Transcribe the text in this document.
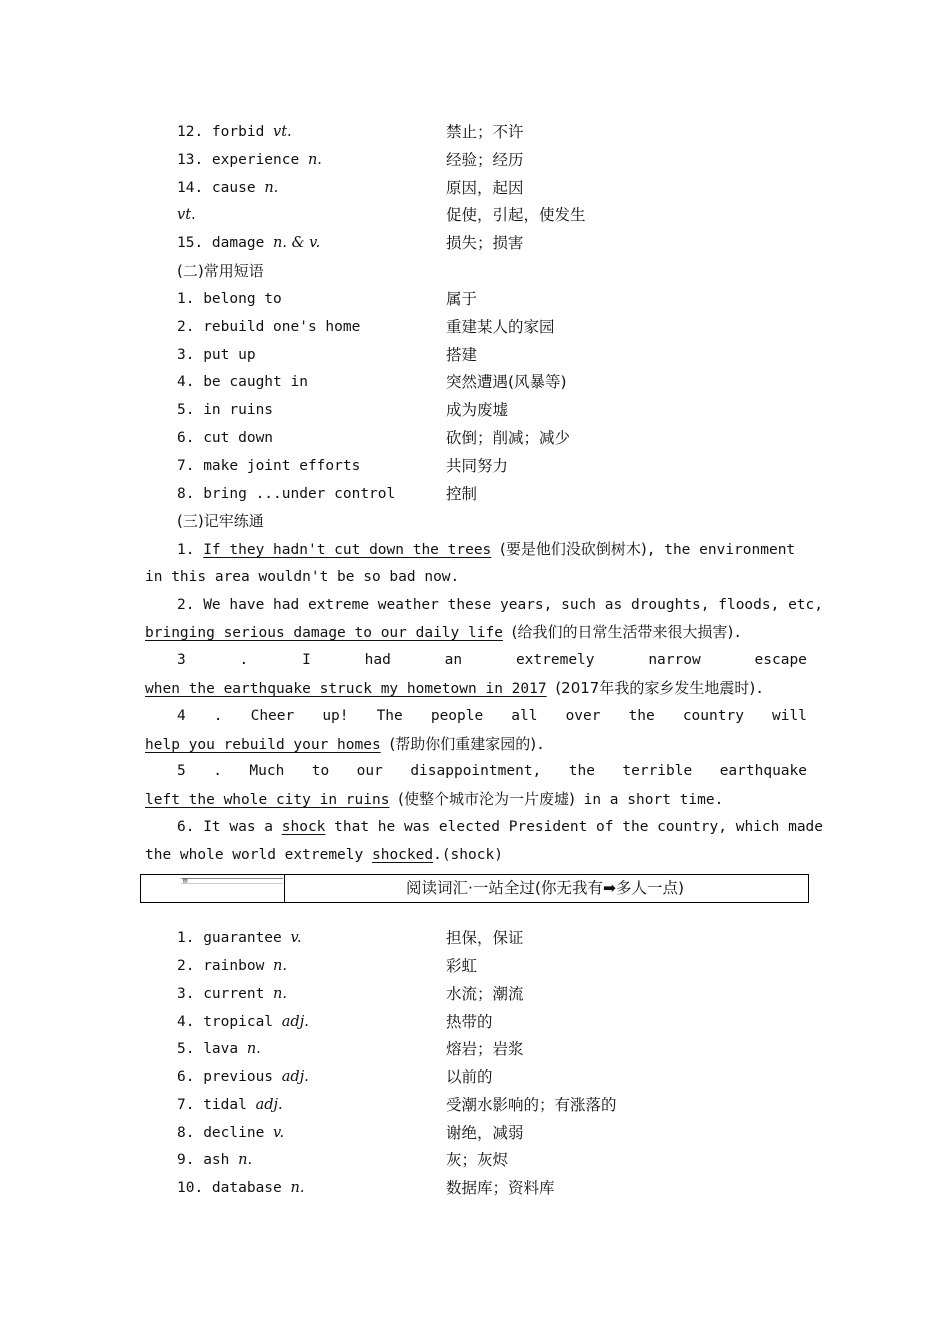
12. forbid vt.	禁止；不许
13. experience n.	经验；经历
14. cause n.	原因，起因
vt.	促使，引起，使发生
15. damage n. & v.	损失；损害
(二)常用短语
1. belong to	属于
2. rebuild one's home	重建某人的家园
3. put up	搭建
4. be caught in	突然遭遇(风暴等)
5. in ruins	成为废墟
6. cut down	砍倒；削减；减少
7. make joint efforts	共同努力
8. bring ...under control	控制
(三)记牢练通
1. If they hadn't cut down the trees (要是他们没砍倒树木), the environment
in this area wouldn't be so bad now.
2. We have had extreme weather these years, such as droughts, floods, etc,
bringing serious damage to our daily life (给我们的日常生活带来很大损害).
3	.	I	had	an	extremely	narrow	escape
when the earthquake struck my hometown in 2017 (2017年我的家乡发生地震时).
4 . Cheer up! The people all over the country will
help you rebuild your homes (帮助你们重建家园的).
5 . Much to our disappointment, the terrible earthquake
left the whole city in ruins (使整个城市沦为一片废墟) in a short time.
6. It was a shock that he was elected President of the country, which made
the whole world extremely shocked.(shock)
▤	阅读词汇·一站全过(你无我有➡多人一点)
1. guarantee v.	担保，保证
2. rainbow n.	彩虹
3. current n.	水流；潮流
4. tropical adj.	热带的
5. lava n.	熔岩；岩浆
6. previous adj.	以前的
7. tidal adj.	受潮水影响的；有涨落的
8. decline v.	谢绝，减弱
9. ash n.	灰；灰烬
10. database n.	数据库；资料库
